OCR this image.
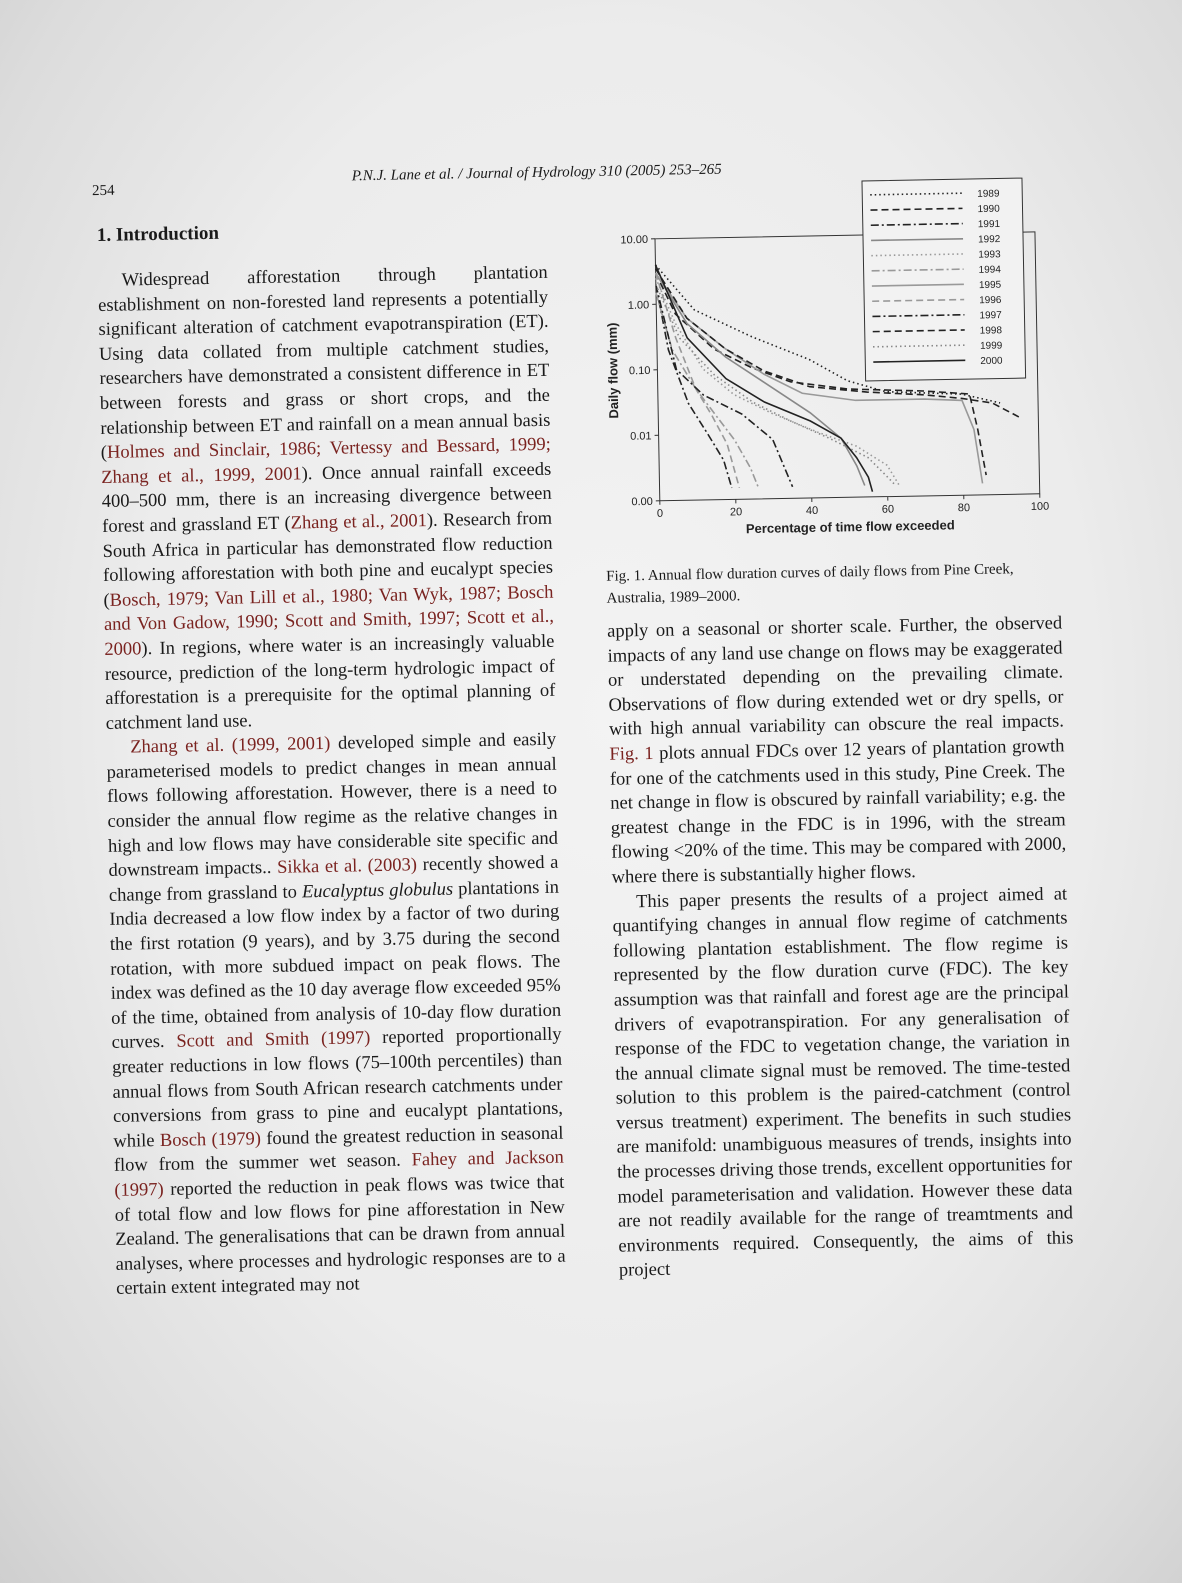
254
P.N.J. Lane et al. / Journal of Hydrology 310 (2005) 253–265
1. Introduction

Widespread afforestation through plantation establishment on non-forested land represents a potentially significant alteration of catchment evapotranspiration (ET). Using data collated from multiple catchment studies, researchers have demonstrated a consistent difference in ET between forests and grass or short crops, and the relationship between ET and rainfall on a mean annual basis (Holmes and Sinclair, 1986; Vertessy and Bessard, 1999; Zhang et al., 1999, 2001). Once annual rainfall exceeds 400–500 mm, there is an increasing divergence between forest and grassland ET (Zhang et al., 2001). Research from South Africa in particular has demonstrated flow reduction following afforestation with both pine and eucalypt species (Bosch, 1979; Van Lill et al., 1980; Van Wyk, 1987; Bosch and Von Gadow, 1990; Scott and Smith, 1997; Scott et al., 2000). In regions, where water is an increasingly valuable resource, prediction of the long-term hydrologic impact of afforestation is a prerequisite for the optimal planning of catchment land use.

Zhang et al. (1999, 2001) developed simple and easily parameterised models to predict changes in mean annual flows following afforestation. However, there is a need to consider the annual flow regime as the relative changes in high and low flows may have considerable site specific and downstream impacts.. Sikka et al. (2003) recently showed a change from grassland to Eucalyptus globulus plantations in India decreased a low flow index by a factor of two during the first rotation (9 years), and by 3.75 during the second rotation, with more subdued impact on peak flows. The index was defined as the 10 day average flow exceeded 95% of the time, obtained from analysis of 10-day flow duration curves. Scott and Smith (1997) reported proportionally greater reductions in low flows (75–100th percentiles) than annual flows from South African research catchments under conversions from grass to pine and eucalypt plantations, while Bosch (1979) found the greatest reduction in seasonal flow from the summer wet season. Fahey and Jackson (1997) reported the reduction in peak flows was twice that of total flow and low flows for pine afforestation in New Zealand. The generalisations that can be drawn from annual analyses, where processes and hydrologic responses are to a certain extent integrated may not

10.00
1.00
0.10
0.01
0.00
0	20	40	60	80	100
Percentage of time flow exceeded
Daily flow (mm)
1989
1990
1991
1992
1993
1994
1995
1996
1997
1998
1999
2000
Fig. 1. Annual flow duration curves of daily flows from Pine Creek, Australia, 1989–2000.

apply on a seasonal or shorter scale. Further, the observed impacts of any land use change on flows may be exaggerated or understated depending on the prevailing climate. Observations of flow during extended wet or dry spells, or with high annual variability can obscure the real impacts. Fig. 1 plots annual FDCs over 12 years of plantation growth for one of the catchments used in this study, Pine Creek. The net change in flow is obscured by rainfall variability; e.g. the greatest change in the FDC is in 1996, with the stream flowing <20% of the time. This may be compared with 2000, where there is substantially higher flows.

This paper presents the results of a project aimed at quantifying changes in annual flow regime of catchments following plantation establishment. The flow regime is represented by the flow duration curve (FDC). The key assumption was that rainfall and forest age are the principal drivers of evapotranspiration. For any generalisation of response of the FDC to vegetation change, the variation in the annual climate signal must be removed. The time-tested solution to this problem is the paired-catchment (control versus treatment) experiment. The benefits in such studies are manifold: unambiguous measures of trends, insights into the processes driving those trends, excellent opportunities for model parameterisation and validation. However these data are not readily available for the range of treamtments and environments required. Consequently, the aims of this project
